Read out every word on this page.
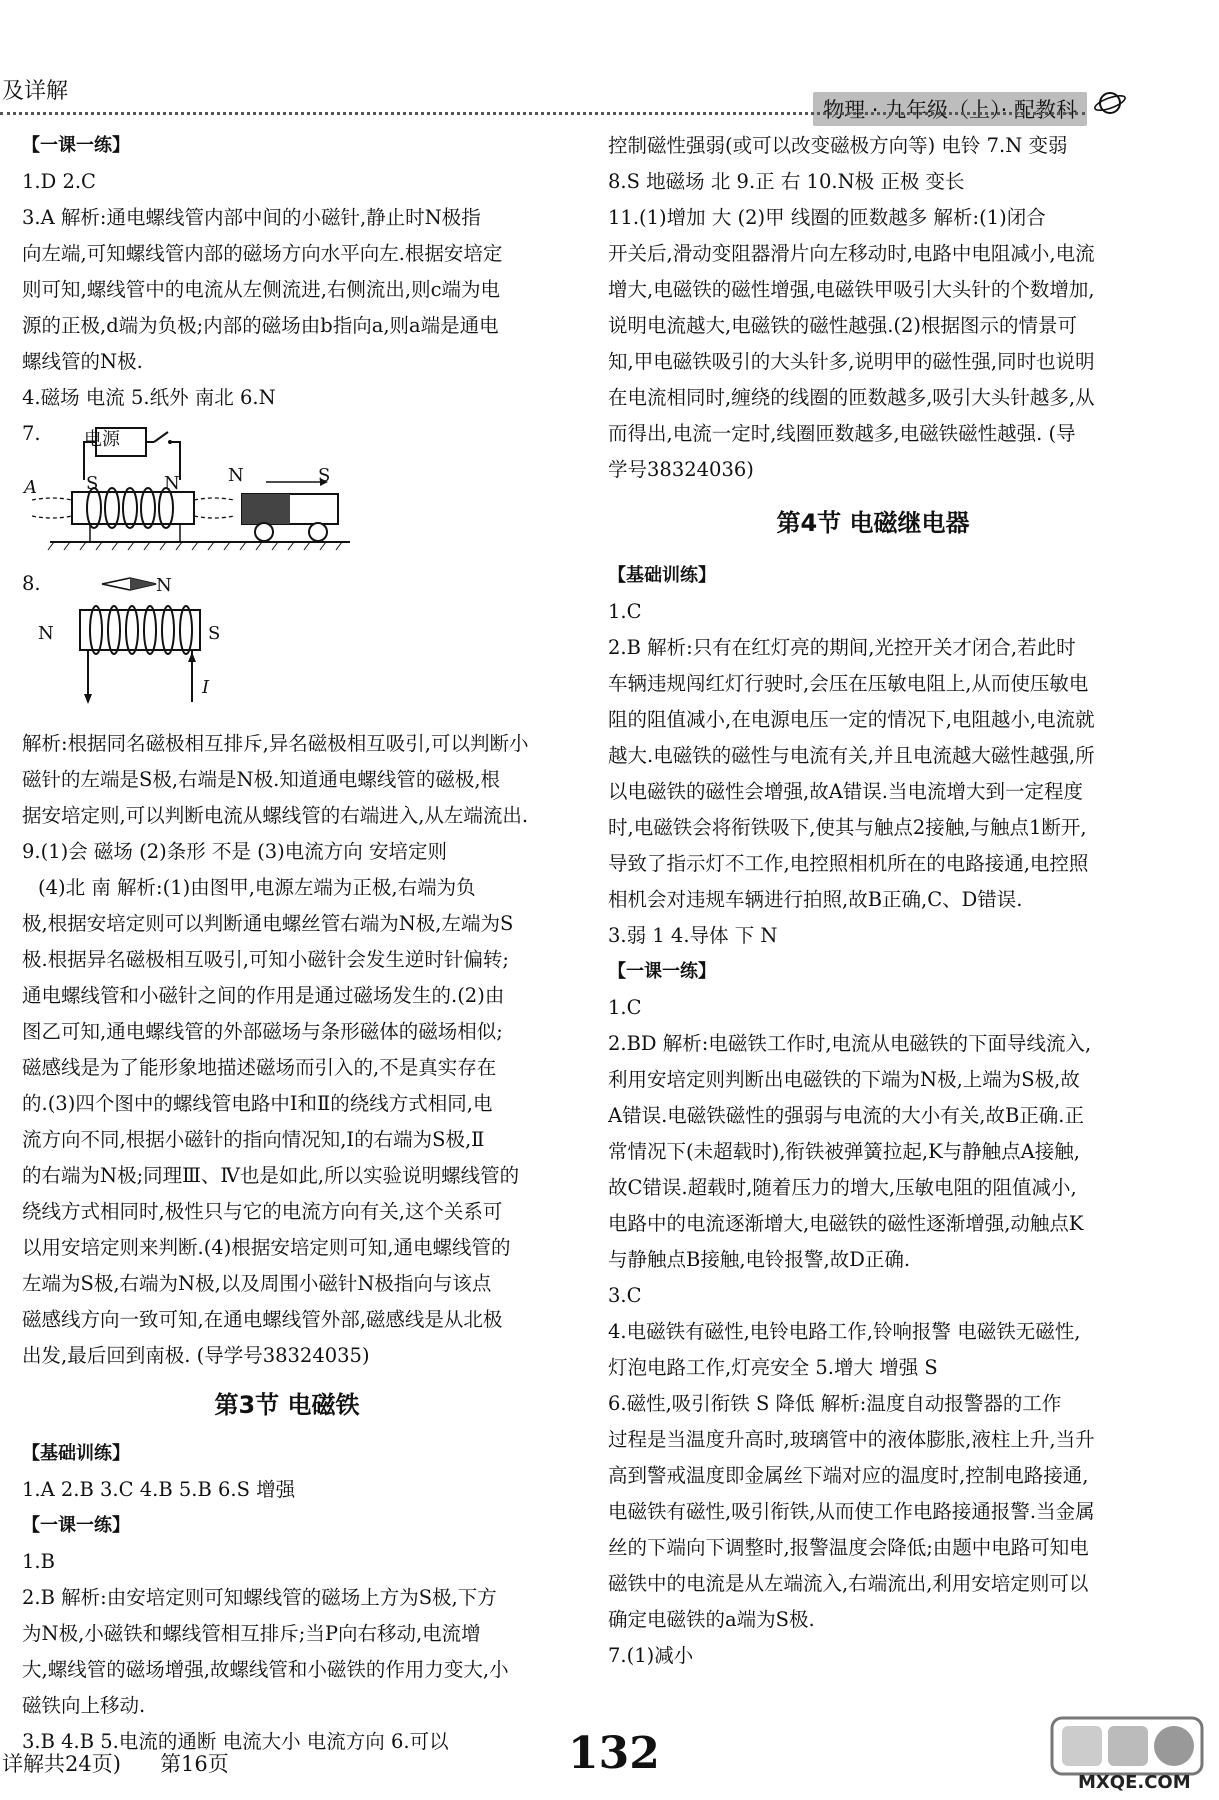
及详解
物理 · 九年级（上）· 配教科
【一课一练】
1.D 2.C
3.A 解析:通电螺线管内部中间的小磁针,静止时N极指
向左端,可知螺线管内部的磁场方向水平向左.根据安培定
则可知,螺线管中的电流从左侧流进,右侧流出,则c端为电
源的正极,d端为负极;内部的磁场由b指向a,则a端是通电
螺线管的N极.
4.磁场 电流 5.纸外 南北 6.N
7. 电源
A	S	N	N	S
8.	N
N	S
I
解析:根据同名磁极相互排斥,异名磁极相互吸引,可以判断小
磁针的左端是S极,右端是N极.知道通电螺线管的磁极,根
据安培定则,可以判断电流从螺线管的右端进入,从左端流出.
9.(1)会 磁场 (2)条形 不是 (3)电流方向 安培定则
(4)北 南 解析:(1)由图甲,电源左端为正极,右端为负
极,根据安培定则可以判断通电螺丝管右端为N极,左端为S
极.根据异名磁极相互吸引,可知小磁针会发生逆时针偏转;
通电螺线管和小磁针之间的作用是通过磁场发生的.(2)由
图乙可知,通电螺线管的外部磁场与条形磁体的磁场相似;
磁感线是为了能形象地描述磁场而引入的,不是真实存在
的.(3)四个图中的螺线管电路中Ⅰ和Ⅱ的绕线方式相同,电
流方向不同,根据小磁针的指向情况知,Ⅰ的右端为S极,Ⅱ
的右端为N极;同理Ⅲ、Ⅳ也是如此,所以实验说明螺线管的
绕线方式相同时,极性只与它的电流方向有关,这个关系可
以用安培定则来判断.(4)根据安培定则可知,通电螺线管的
左端为S极,右端为N极,以及周围小磁针N极指向与该点
磁感线方向一致可知,在通电螺线管外部,磁感线是从北极
出发,最后回到南极. (导学号38324035)
第3节 电磁铁
【基础训练】
1.A 2.B 3.C 4.B 5.B 6.S 增强
【一课一练】
1.B
2.B 解析:由安培定则可知螺线管的磁场上方为S极,下方
为N极,小磁铁和螺线管相互排斥;当P向右移动,电流增
大,螺线管的磁场增强,故螺线管和小磁铁的作用力变大,小
磁铁向上移动.
3.B 4.B 5.电流的通断 电流大小 电流方向 6.可以
控制磁性强弱(或可以改变磁极方向等) 电铃 7.N 变弱
8.S 地磁场 北 9.正 右 10.N极 正极 变长
11.(1)增加 大 (2)甲 线圈的匝数越多 解析:(1)闭合
开关后,滑动变阻器滑片向左移动时,电路中电阻减小,电流
增大,电磁铁的磁性增强,电磁铁甲吸引大头针的个数增加,
说明电流越大,电磁铁的磁性越强.(2)根据图示的情景可
知,甲电磁铁吸引的大头针多,说明甲的磁性强,同时也说明
在电流相同时,缠绕的线圈的匝数越多,吸引大头针越多,从
而得出,电流一定时,线圈匝数越多,电磁铁磁性越强. (导
学号38324036)
第4节 电磁继电器
【基础训练】
1.C
2.B 解析:只有在红灯亮的期间,光控开关才闭合,若此时
车辆违规闯红灯行驶时,会压在压敏电阻上,从而使压敏电
阻的阻值减小,在电源电压一定的情况下,电阻越小,电流就
越大.电磁铁的磁性与电流有关,并且电流越大磁性越强,所
以电磁铁的磁性会增强,故A错误.当电流增大到一定程度
时,电磁铁会将衔铁吸下,使其与触点2接触,与触点1断开,
导致了指示灯不工作,电控照相机所在的电路接通,电控照
相机会对违规车辆进行拍照,故B正确,C、D错误.
3.弱 1 4.导体 下 N
【一课一练】
1.C
2.BD 解析:电磁铁工作时,电流从电磁铁的下面导线流入,
利用安培定则判断出电磁铁的下端为N极,上端为S极,故
A错误.电磁铁磁性的强弱与电流的大小有关,故B正确.正
常情况下(未超载时),衔铁被弹簧拉起,K与静触点A接触,
故C错误.超载时,随着压力的增大,压敏电阻的阻值减小,
电路中的电流逐渐增大,电磁铁的磁性逐渐增强,动触点K
与静触点B接触,电铃报警,故D正确.
3.C
4.电磁铁有磁性,电铃电路工作,铃响报警 电磁铁无磁性,
灯泡电路工作,灯亮安全 5.增大 增强 S
6.磁性,吸引衔铁 S 降低 解析:温度自动报警器的工作
过程是当温度升高时,玻璃管中的液体膨胀,液柱上升,当升
高到警戒温度即金属丝下端对应的温度时,控制电路接通,
电磁铁有磁性,吸引衔铁,从而使工作电路接通报警.当金属
丝的下端向下调整时,报警温度会降低;由题中电路可知电
磁铁中的电流是从左端流入,右端流出,利用安培定则可以
确定电磁铁的a端为S极.
7.(1)减小
详解共24页) 第16页	132
MXQE.COM
